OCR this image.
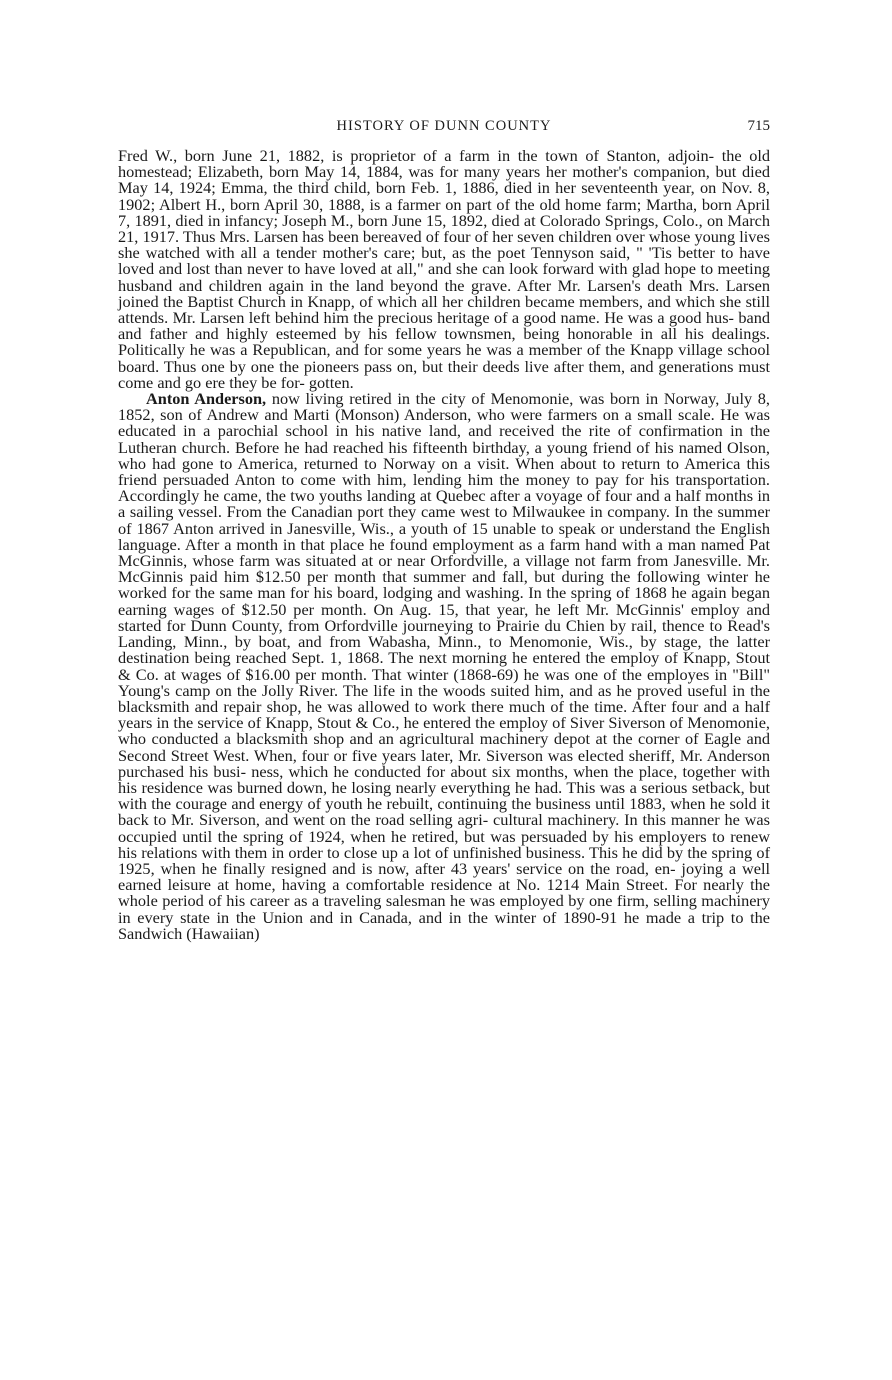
HISTORY OF DUNN COUNTY	715

Fred W., born June 21, 1882, is proprietor of a farm in the town of Stanton, adjoin- the old homestead; Elizabeth, born May 14, 1884, was for many years her mother's companion, but died May 14, 1924; Emma, the third child, born Feb. 1, 1886, died in her seventeenth year, on Nov. 8, 1902; Albert H., born April 30, 1888, is a farmer on part of the old home farm; Martha, born April 7, 1891, died in infancy; Joseph M., born June 15, 1892, died at Colorado Springs, Colo., on March 21, 1917. Thus Mrs. Larsen has been bereaved of four of her seven children over whose young lives she watched with all a tender mother's care; but, as the poet Tennyson said, " 'Tis better to have loved and lost than never to have loved at all," and she can look forward with glad hope to meeting husband and children again in the land beyond the grave. After Mr. Larsen's death Mrs. Larsen joined the Baptist Church in Knapp, of which all her children became members, and which she still attends. Mr. Larsen left behind him the precious heritage of a good name. He was a good hus- band and father and highly esteemed by his fellow townsmen, being honorable in all his dealings. Politically he was a Republican, and for some years he was a member of the Knapp village school board. Thus one by one the pioneers pass on, but their deeds live after them, and generations must come and go ere they be for- gotten.

Anton Anderson, now living retired in the city of Menomonie, was born in Norway, July 8, 1852, son of Andrew and Marti (Monson) Anderson, who were farmers on a small scale. He was educated in a parochial school in his native land, and received the rite of confirmation in the Lutheran church. Before he had reached his fifteenth birthday, a young friend of his named Olson, who had gone to America, returned to Norway on a visit. When about to return to America this friend persuaded Anton to come with him, lending him the money to pay for his transportation. Accordingly he came, the two youths landing at Quebec after a voyage of four and a half months in a sailing vessel. From the Canadian port they came west to Milwaukee in company. In the summer of 1867 Anton arrived in Janesville, Wis., a youth of 15 unable to speak or understand the English language. After a month in that place he found employment as a farm hand with a man named Pat McGinnis, whose farm was situated at or near Orfordville, a village not farm from Janesville. Mr. McGinnis paid him $12.50 per month that summer and fall, but during the following winter he worked for the same man for his board, lodging and washing. In the spring of 1868 he again began earning wages of $12.50 per month. On Aug. 15, that year, he left Mr. McGinnis' employ and started for Dunn County, from Orfordville journeying to Prairie du Chien by rail, thence to Read's Landing, Minn., by boat, and from Wabasha, Minn., to Menomonie, Wis., by stage, the latter destination being reached Sept. 1, 1868. The next morning he entered the employ of Knapp, Stout & Co. at wages of $16.00 per month. That winter (1868-69) he was one of the employes in "Bill" Young's camp on the Jolly River. The life in the woods suited him, and as he proved useful in the blacksmith and repair shop, he was allowed to work there much of the time. After four and a half years in the service of Knapp, Stout & Co., he entered the employ of Siver Siverson of Menomonie, who conducted a blacksmith shop and an agricultural machinery depot at the corner of Eagle and Second Street West. When, four or five years later, Mr. Siverson was elected sheriff, Mr. Anderson purchased his busi- ness, which he conducted for about six months, when the place, together with his residence was burned down, he losing nearly everything he had. This was a serious setback, but with the courage and energy of youth he rebuilt, continuing the business until 1883, when he sold it back to Mr. Siverson, and went on the road selling agri- cultural machinery. In this manner he was occupied until the spring of 1924, when he retired, but was persuaded by his employers to renew his relations with them in order to close up a lot of unfinished business. This he did by the spring of 1925, when he finally resigned and is now, after 43 years' service on the road, en- joying a well earned leisure at home, having a comfortable residence at No. 1214 Main Street. For nearly the whole period of his career as a traveling salesman he was employed by one firm, selling machinery in every state in the Union and in Canada, and in the winter of 1890-91 he made a trip to the Sandwich (Hawaiian)
